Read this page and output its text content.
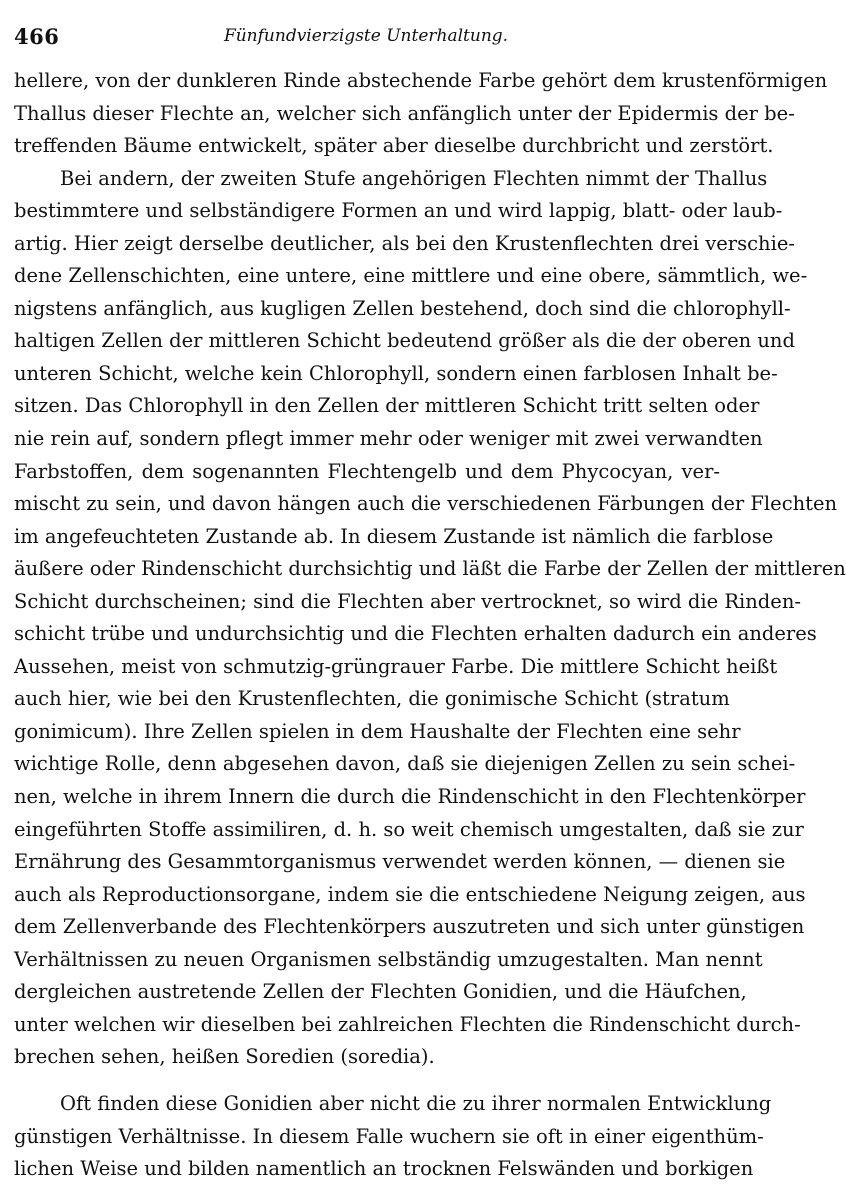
466	Fünfundvierzigste Unterhaltung.
hellere, von der dunkleren Rinde abstechende Farbe gehört dem krustenförmigen
Thallus dieser Flechte an, welcher sich anfänglich unter der Epidermis der be-
treffenden Bäume entwickelt, später aber dieselbe durchbricht und zerstört.
Bei andern, der zweiten Stufe angehörigen Flechten nimmt der Thallus
bestimmtere und selbständigere Formen an und wird lappig, blatt- oder laub-
artig. Hier zeigt derselbe deutlicher, als bei den Krustenflechten drei verschie-
dene Zellenschichten, eine untere, eine mittlere und eine obere, sämmtlich, we-
nigstens anfänglich, aus kugligen Zellen bestehend, doch sind die chlorophyll-
haltigen Zellen der mittleren Schicht bedeutend größer als die der oberen und
unteren Schicht, welche kein Chlorophyll, sondern einen farblosen Inhalt be-
sitzen. Das Chlorophyll in den Zellen der mittleren Schicht tritt selten oder
nie rein auf, sondern pflegt immer mehr oder weniger mit zwei verwandten
Farbstoffen, dem sogenannten Flechtengelb und dem Phycocyan, ver-
mischt zu sein, und davon hängen auch die verschiedenen Färbungen der Flechten
im angefeuchteten Zustande ab. In diesem Zustande ist nämlich die farblose
äußere oder Rindenschicht durchsichtig und läßt die Farbe der Zellen der mittleren
Schicht durchscheinen; sind die Flechten aber vertrocknet, so wird die Rinden-
schicht trübe und undurchsichtig und die Flechten erhalten dadurch ein anderes
Aussehen, meist von schmutzig-grüngrauer Farbe. Die mittlere Schicht heißt
auch hier, wie bei den Krustenflechten, die gonimische Schicht (stratum
gonimicum). Ihre Zellen spielen in dem Haushalte der Flechten eine sehr
wichtige Rolle, denn abgesehen davon, daß sie diejenigen Zellen zu sein schei-
nen, welche in ihrem Innern die durch die Rindenschicht in den Flechtenkörper
eingeführten Stoffe assimiliren, d. h. so weit chemisch umgestalten, daß sie zur
Ernährung des Gesammtorganismus verwendet werden können, — dienen sie
auch als Reproductionsorgane, indem sie die entschiedene Neigung zeigen, aus
dem Zellenverbande des Flechtenkörpers auszutreten und sich unter günstigen
Verhältnissen zu neuen Organismen selbständig umzugestalten. Man nennt
dergleichen austretende Zellen der Flechten Gonidien, und die Häufchen,
unter welchen wir dieselben bei zahlreichen Flechten die Rindenschicht durch-
brechen sehen, heißen Soredien (soredia).
Oft finden diese Gonidien aber nicht die zu ihrer normalen Entwicklung
günstigen Verhältnisse. In diesem Falle wuchern sie oft in einer eigenthüm-
lichen Weise und bilden namentlich an trocknen Felswänden und borkigen
